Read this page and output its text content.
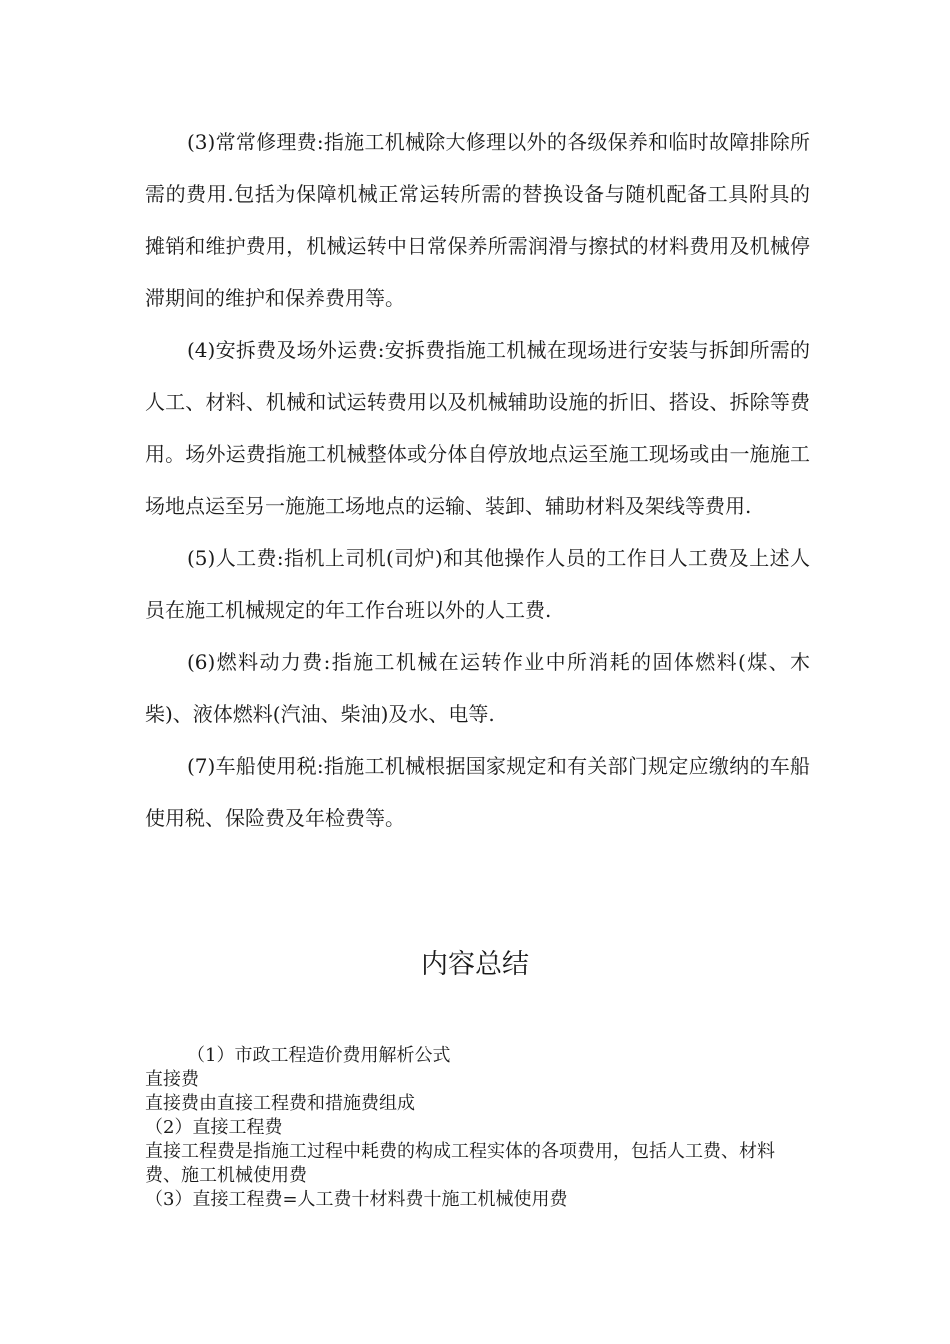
(3)常常修理费:指施工机械除大修理以外的各级保养和临时故障排除所需的费用.包括为保障机械正常运转所需的替换设备与随机配备工具附具的摊销和维护费用，机械运转中日常保养所需润滑与擦拭的材料费用及机械停滞期间的维护和保养费用等。

(4)安拆费及场外运费:安拆费指施工机械在现场进行安装与拆卸所需的人工、材料、机械和试运转费用以及机械辅助设施的折旧、搭设、拆除等费用。场外运费指施工机械整体或分体自停放地点运至施工现场或由一施施工场地点运至另一施施工场地点的运输、装卸、辅助材料及架线等费用.

(5)人工费:指机上司机(司炉)和其他操作人员的工作日人工费及上述人员在施工机械规定的年工作台班以外的人工费.

(6)燃料动力费:指施工机械在运转作业中所消耗的固体燃料(煤、木柴)、液体燃料(汽油、柴油)及水、电等.

(7)车船使用税:指施工机械根据国家规定和有关部门规定应缴纳的车船使用税、保险费及年检费等。

内容总结

（1）市政工程造价费用解析公式

直接费

直接费由直接工程费和措施费组成

（2）直接工程费

直接工程费是指施工过程中耗费的构成工程实体的各项费用，包括人工费、材料费、施工机械使用费

（3）直接工程费=人工费十材料费十施工机械使用费
